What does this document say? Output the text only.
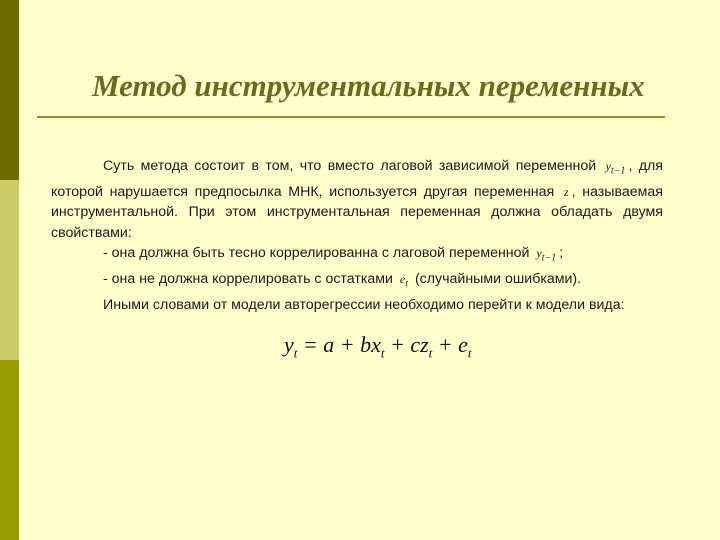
Метод инструментальных переменных

Суть метода состоит в том, что вместо лаговой зависимой переменной $y_{t-1}$ , для которой нарушается предпосылка МНК, используется другая переменная z , называемая инструментальной. При этом инструментальная переменная должна обладать двумя свойствами:

- она должна быть тесно коррелированна с лаговой переменной $y_{t-1}$ ;

- она не должна коррелировать с остатками $e_t$ (случайными ошибками).

Иными словами от модели авторегрессии необходимо перейти к модели вида:

$y_t = a + bx_t + cz_t + e_t$
